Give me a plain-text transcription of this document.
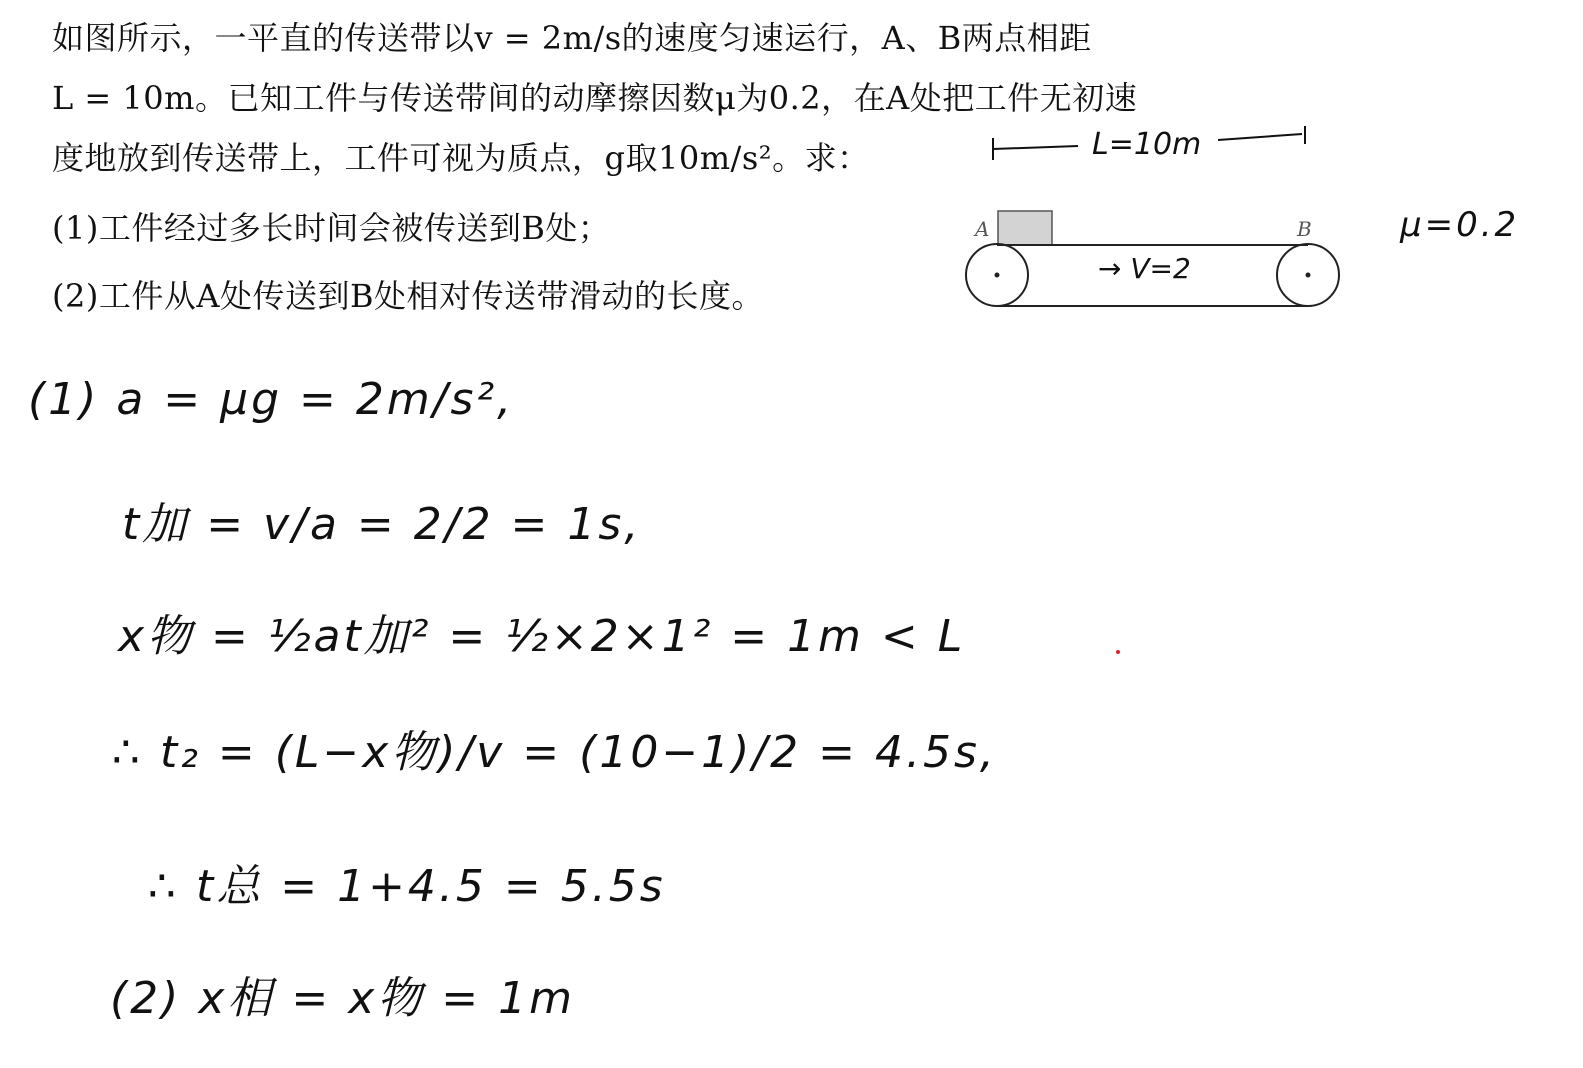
如图所示，一平直的传送带以v = 2m/s的速度匀速运行，A、B两点相距
L = 10m。已知工件与传送带间的动摩擦因数μ为0.2，在A处把工件无初速
度地放到传送带上，工件可视为质点，g取10m/s²。求：
(1)工件经过多长时间会被传送到B处；
(2)工件从A处传送到B处相对传送带滑动的长度。
L=10m
A	B
→ V=2
μ=0.2
(1) a = μg = 2m/s²,
t加 = v/a = 2/2 = 1s,
x物 = ½at加² = ½×2×1² = 1m < L
∴ t₂ = (L−x物)/v = (10−1)/2 = 4.5s,
∴ t总 = 1+4.5 = 5.5s
(2) x相 = x物 = 1m
